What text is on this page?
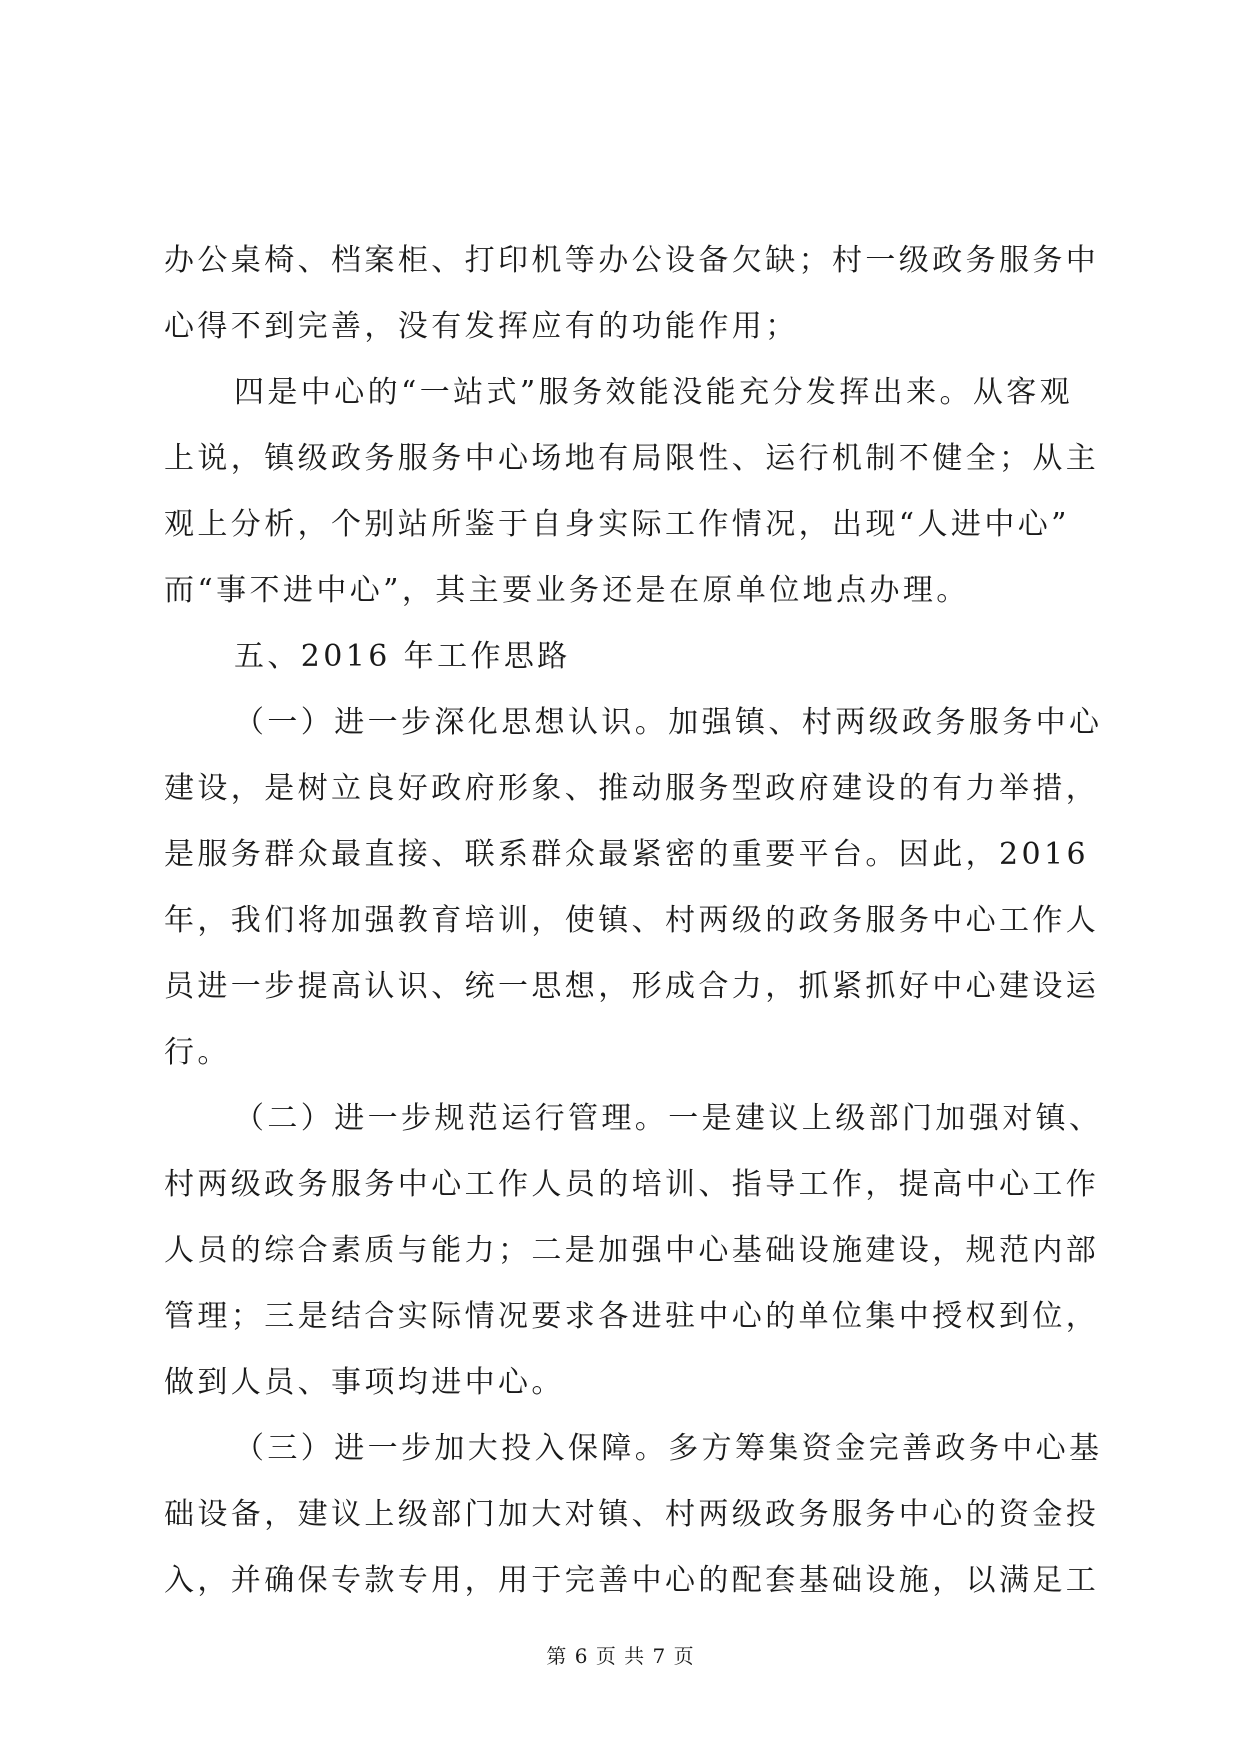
办公桌椅、档案柜、打印机等办公设备欠缺；村一级政务服务中
心得不到完善，没有发挥应有的功能作用；
四是中心的“一站式”服务效能没能充分发挥出来。从客观
上说，镇级政务服务中心场地有局限性、运行机制不健全；从主
观上分析，个别站所鉴于自身实际工作情况，出现“人进中心”
而“事不进中心”，其主要业务还是在原单位地点办理。
五、2016 年工作思路
（一）进一步深化思想认识。加强镇、村两级政务服务中心
建设，是树立良好政府形象、推动服务型政府建设的有力举措，
是服务群众最直接、联系群众最紧密的重要平台。因此，2016
年，我们将加强教育培训，使镇、村两级的政务服务中心工作人
员进一步提高认识、统一思想，形成合力，抓紧抓好中心建设运
行。
（二）进一步规范运行管理。一是建议上级部门加强对镇、
村两级政务服务中心工作人员的培训、指导工作，提高中心工作
人员的综合素质与能力；二是加强中心基础设施建设，规范内部
管理；三是结合实际情况要求各进驻中心的单位集中授权到位，
做到人员、事项均进中心。
（三）进一步加大投入保障。多方筹集资金完善政务中心基
础设备，建议上级部门加大对镇、村两级政务服务中心的资金投
入，并确保专款专用，用于完善中心的配套基础设施，以满足工
第 6 页 共 7 页
